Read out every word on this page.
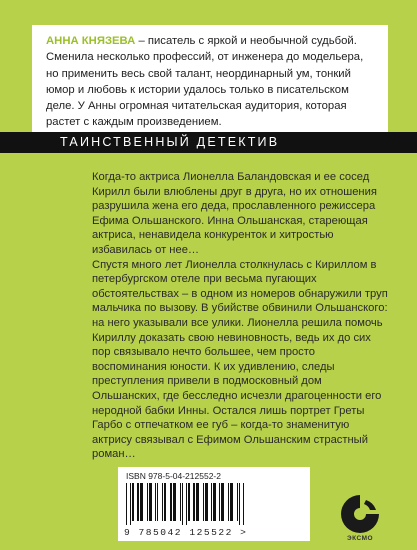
АННА КНЯЗЕВА – писатель с яркой и необычной судьбой. Сменила несколько профессий, от инженера до модельера, но применить весь свой талант, неординарный ум, тонкий юмор и любовь к истории удалось только в писательском деле. У Анны огромная читательская аудитория, которая растет с каждым произведением.
ТАИНСТВЕННЫЙ ДЕТЕКТИВ

Когда-то актриса Лионелла Баландовская и ее сосед Кирилл были влюблены друг в друга, но их отношения разрушила жена его деда, прославленного режиссера Ефима Ольшанского. Инна Ольшанская, стареющая актриса, ненавидела конкуренток и хитростью избавилась от нее…

Спустя много лет Лионелла столкнулась с Кириллом в петербургском отеле при весьма пугающих обстоятельствах – в одном из номеров обнаружили труп мальчика по вызову. В убийстве обвинили Ольшанского: на него указывали все улики. Лионелла решила помочь Кириллу доказать свою невиновность, ведь их до сих пор связывало нечто большее, чем просто воспоминания юности. К их удивлению, следы преступления привели в подмосковный дом Ольшанских, где бесследно исчезли драгоценности его неродной бабки Инны. Остался лишь портрет Греты Гарбо с отпечатком ее губ – когда-то знаменитую актрису связывал с Ефимом Ольшанским страстный роман…

ISBN 978-5-04-212552-2
9 785042 125522 >
ЭКСМО
